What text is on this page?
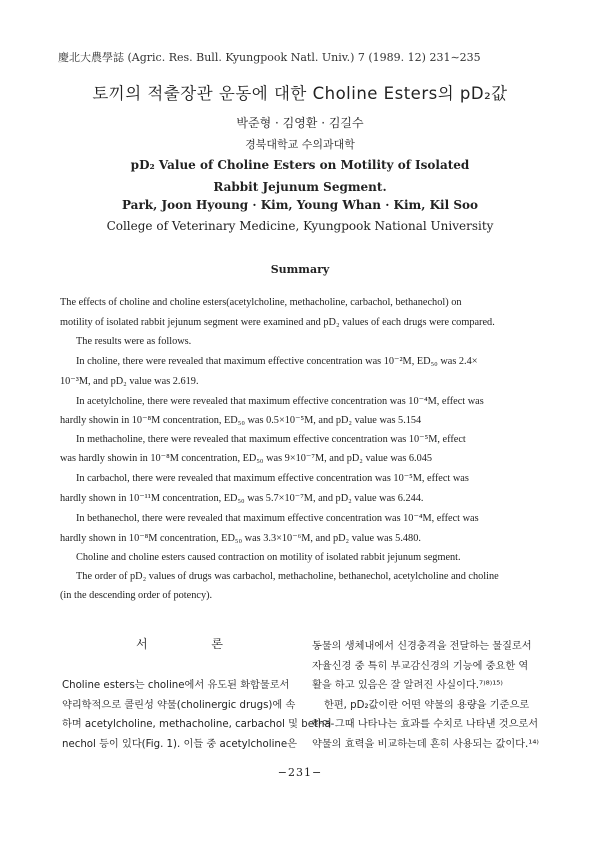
慶北大農學誌 (Agric. Res. Bull. Kyungpook Natl. Univ.) 7 (1989. 12) 231∼235
토끼의 적출장관 운동에 대한 Choline Esters의 pD₂값
박준형 · 김영환 · 김길수
경북대학교 수의과대학
pD₂ Value of Choline Esters on Motility of Isolated
Rabbit Jejunum Segment.
Park, Joon Hyoung · Kim, Young Whan · Kim, Kil Soo
College of Veterinary Medicine, Kyungpook National University
Summary
The effects of choline and choline esters(acetylcholine, methacholine, carbachol, bethanechol) on
motility of isolated rabbit jejunum segment were examined and pD₂ values of each drugs were compared.
The results were as follows.
In choline, there were revealed that maximum effective concentration was 10⁻²M, ED₅₀ was 2.4×
10⁻³M, and pD₂ value was 2.619.
In acetylcholine, there were revealed that maximum effective concentration was 10⁻⁴M, effect was
hardly showin in 10⁻⁸M concentration, ED₅₀ was 0.5×10⁻⁵M, and pD₂ value was 5.154
In methacholine, there were revealed that maximum effective concentration was 10⁻⁵M, effect
was hardly showin in 10⁻⁸M concentration, ED₅₀ was 9×10⁻⁷M, and pD₂ value was 6.045
In carbachol, there were revealed that maximum effective concentration was 10⁻⁵M, effect was
hardly shown in 10⁻¹¹M concentration, ED₅₀ was 5.7×10⁻⁷M, and pD₂ value was 6.244.
In bethanechol, there were revealed that maximum effective concentration was 10⁻⁴M, effect was
hardly shown in 10⁻⁸M concentration, ED₅₀ was 3.3×10⁻⁶M, and pD₂ value was 5.480.
Choline and choline esters caused contraction on motility of isolated rabbit jejunum segment.
The order of pD₂ values of drugs was carbachol, methacholine, bethanechol, acetylcholine and choline
(in the descending order of potency).
서 론
Choline esters는 choline에서 유도된 화합물로서
약리학적으로 콜린성 약물(cholinergic drugs)에 속
하며 acetylcholine, methacholine, carbachol 및 betha-
nechol 등이 있다(Fig. 1). 이들 중 acetylcholine은
동물의 생체내에서 신경충격을 전달하는 물질로서
자율신경 중 특히 부교감신경의 기능에 중요한 역
활을 하고 있음은 잘 알려진 사실이다.⁷⁾⁸⁾¹⁵⁾
한편, pD₂값이란 어떤 약물의 용량을 기준으로
하여 그때 나타나는 효과를 수치로 나타낸 것으로서
약물의 효력을 비교하는데 흔히 사용되는 값이다.¹⁴⁾
−231−
